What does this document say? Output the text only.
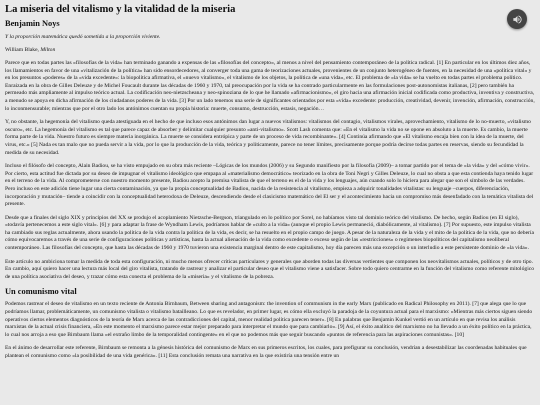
La miseria del vitalismo y la vitalidad de la miseria
Benjamin Noys
Y la proporción matemática quedó sometida a la proporción viviente.
William Blake, Milton

Parece que en todas partes las «filosofías de la vida» han terminado ganando a expensas de las «filosofías del concepto», al menos a nivel del pensamiento contemporáneo de la política radical. [1] En particular en los últimos diez años, los llamamientos en favor de una «vitalización de la política» han sido ensordecedores, al converger toda una gama de teorizaciones actuales, provenientes de un conjunto heterogéneo de fuentes, en la necesidad de una «política vital» y en los presuntos «poderes» de la «vida excedente»: la biopolítica afirmativa, el «nuevo vitalismo», el vitalismo de los objetos, la política de «una vida», etc. El problema de «la vida» se ha vuelto en todas partes el problema político. Enraizada en la obra de Gilles Deleuze y de Michel Foucault durante las décadas de 1960 y 1970, tal preocupación por la vida se ha contrado particularmente en las formulaciones post-autonomistas italianas, [2] pero también ha permeado más ampliamente al impulso teórico actual. La codificación neo-nietzscheana y neo-spinoziana de lo que he llamado «afirmacionismo», el giro hacia una afirmación inicial codificada como productiva, inventiva y constructiva, a menudo se apoya en dicha afirmación de los ciudadanos poderes de la vida. [3] Por un lado tenemos una serie de significantes orientados por esta «vida» excedente: producción, creatividad, devenir, invención, afirmación, construcción, lo inconmensurable; mientras que por el otro lado los antónimos cuentan su propia historia: muerte, consumo, destrucción, estasis, negación…

Y, no obstante, la hegemonía del vitalismo queda atestiguada en el hecho de que incluso esos antónimos dan lugar a nuevos vitalismos: vitalismos del contagio, vitalismos virales, aprovechamiento, vitalismo de lo no-muerto, «vitalismo oscuro», etc. La hegemonía del vitalismo es tal que parece capaz de absorber y delimitar cualquier presunto «anti-vitalismo». Scott Lash comenta que: «En el vitalismo la vida no se opone en absoluto a la muerte. Es cambio, la muerte forma parte de la vida. Nuestro futuro es siempre materia inorgánica. La muerte se considera entrópica y parte de un proceso de vida recombinante». [4] Continúa afirmando que «El vitalismo encaja bien con la idea de la muerte, del virus, etc.» [5] Nada es tan malo que no pueda servir a la vida, por lo que la producción de la vida, teórica y políticamente, parece no tener límites, precisamente porque podría decirse todas partes en reservas, siendo su fecundidad la medida de su necesidad.

Incluso el filósofo del concepto, Alain Badiou, se ha visto empujado en su obra más reciente –Lógicas de los mundos (2006) y su Segundo manifiesto por la filosofía (2009)– a tomar partido por el tema de «la vida» y del «cómo vivir». Por cierto, esta actitud fue dictada por su deseo de impugnar el vitalismo ideológico que empapa al «materialismo democrático» teorizado en la obra de Toni Negri y Gilles Deleuze, lo cual no obsta a que esta contienda haya tenido lugar en el terreno de la vida. Al comprometerse con nuestro momento presente, Badiou acepto la premisa vitalista de que el terreno es el de la vida y los lenguajes, aún cuando solo lo hiciera para alegar que son el símbolo de las verdades. Pero incluso en este adición tiene lugar una cierta contaminación, ya que la propia conceptualidad de Badiou, nacida de la resistencia al vitalismo, empieza a adquirir tonalidades vitalistas: su lenguaje –cuerpos, diferenciación, incorporación y mutación– tiende a coincidir con la conceptualidad heterodoxa de Deleuze, descendiendo desde el clasicismo matemático del El ser y el acontecimiento hacia un compromiso más desenfadado con la temática vitalista del presente.

Desde que a finales del siglo XIX y principios del XX se produjo el acoplamiento Nietzsche-Bergson, triangulado en lo político por Sorel, no habíamos visto tal dominio teórico del vitalismo. De hecho, según Badiou (en El siglo), «todavía pertenecemos a este siglo vital». [6] y para adaptar la frase de Wyndham Lewis, podríamos hablar de «culto a la vida» (aunque el propio Lewis permaneció, diabólicamente, al vitalismo). [7] Por supuesto, este impulso vitalista ha cambiado sus reglas actualmente, ahora usando la política de la vida contra la política de la vida, es decir, se ha resuelto en el propio campo de juego. A pesar de la naturaleza de la vida y el mito de la política de la vida, que no debería cómo equivocaremos a través de una serie de configuraciones políticas y artísticas, hasta la actual alienación de la vida como excedente o exceso según de las «restricciones» o regímenes biopolíticos del capitalismo neoliberal contemporáneo. Las filosofías del concepto, que hasta las décadas de 1960 y 1970 tuvieron una existencia marginal dentro de este capitalismo, hoy día parecen más una excepción o un interludio a este persistente dominio de «la vida».

Este artículo no ambiciona tomar la medida de toda esta configuración, ni mucho menos ofrecer críticas particulares y generales que aborden todas las diversas vertientes que componen los neovitalismos actuales, políticos y de otro tipo. En cambio, aquí quiero hacer una lectura más local del giro vitalista, tratando de rastrear y analizar el particular deseo que el vitalismo viene a satisfacer. Sobre todo quiero centrarme en la función del vitalismo como referente mitológico de una política asociativa del deseo, y trazar cómo esta conecta el problema de la «miseria» y el vitalismo de la pobreza.

Un comunismo vital

Podemos rastrear el deseo de vitalismo en un texto reciente de Antonia Birnbaum, Between sharing and antagonism: the invention of communism in the early Marx (publicado en Radical Philosophy en 2011). [7] que alega que lo que podríamos llamar, problemáticamente, un comunismo vitalista o vitalismo batailleano. Lo que es revelador, en primer lugar, es cómo ella excluyó la paradoja de la coyuntura actual para el marxismo: «Mientras más ciertos siguen siendo operativos ciertos elementos diagnósticos de la teoría de Marx acerca de las contradicciones del capital, menor realidad política parecen tener». [8] En palabras que Benjamin Kunkel vertió en un artículo en que revisa los análisis marxistas de la actual crisis financiera, «En este momento el marxismo parece estar mejor preparado para interpretar el mundo que para cambiarlo». [9] Así, el éxito analítico del marxismo no ha llevado a un éxito político en la práctica, lo cual nos arroja a eso que Birnbaum llama «el extraño limbo de la temporalidad contingente» en el que no podemos más que seguir buscando «puntos de referencia para las aspiraciones comunistas». [10]

En el ánimo de desarrollar este referente, Birnbaum se remonta a la génesis histórica del comunismo de Marx en sus primeros escritos, los cuales, para prefigurar su conclusión, vendrían a desestabilizar las coordenadas habituales que plantean el comunismo como «la posibilidad de una vida genérica». [11] Esta conclusión remata una narrativa en la que existiría una tensión entre un
